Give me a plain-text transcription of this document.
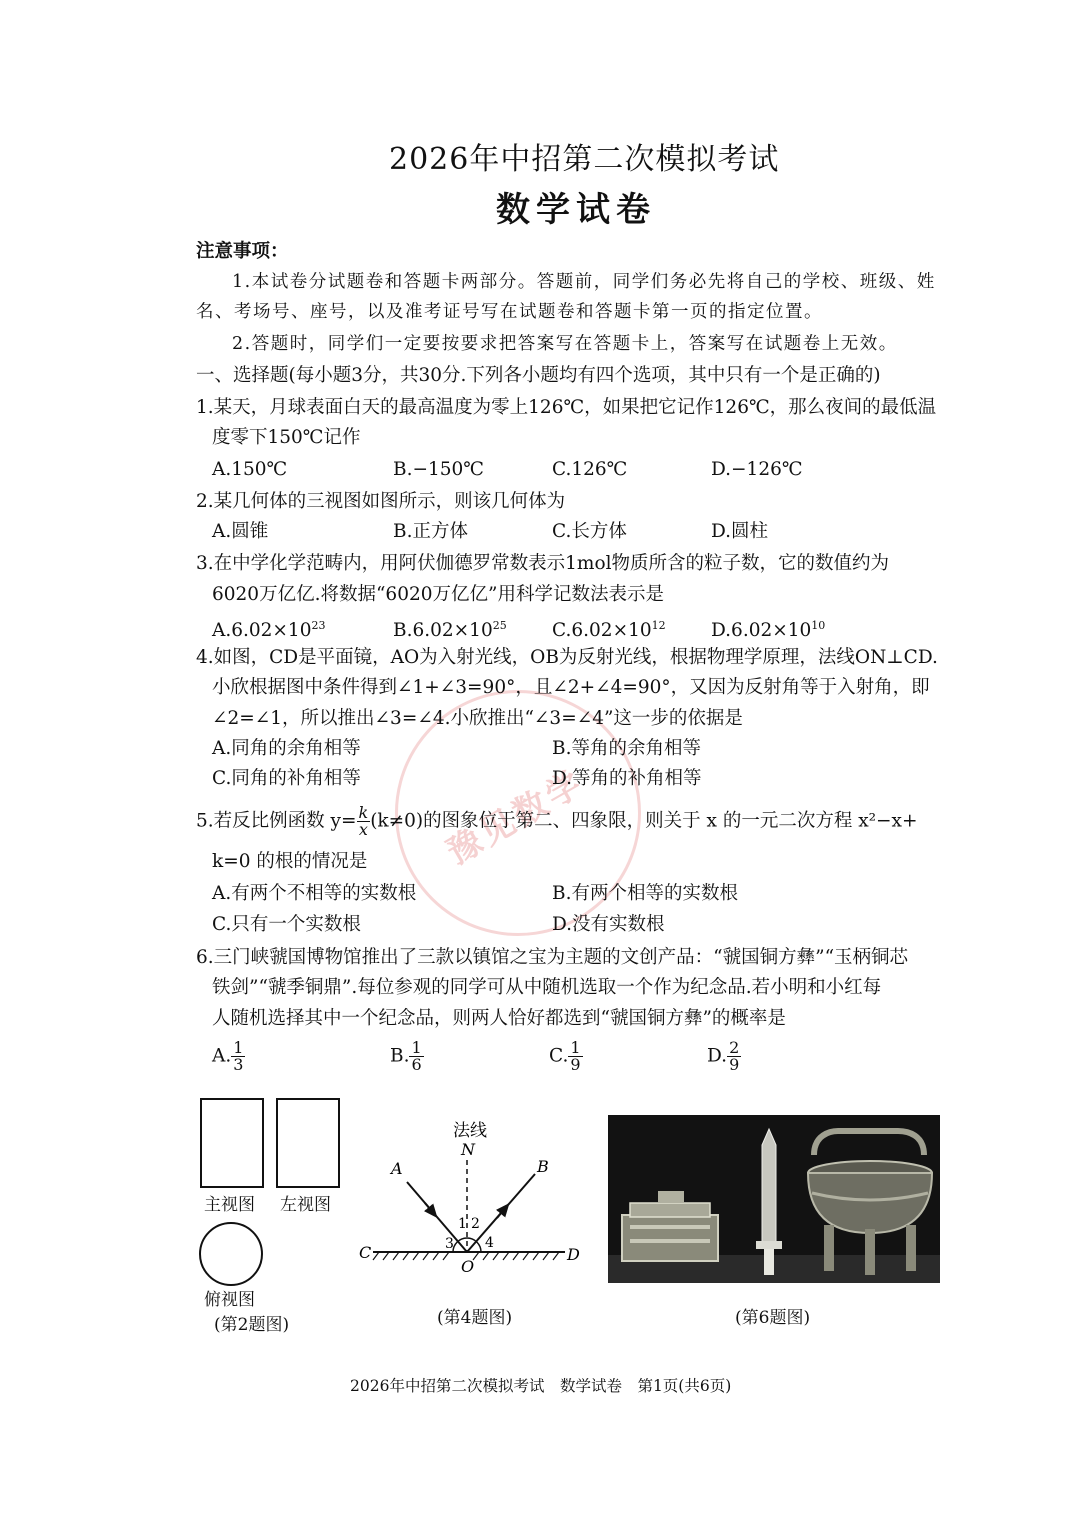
2026年中招第二次模拟考试
数学试卷
注意事项：
1.本试卷分试题卷和答题卡两部分。答题前，同学们务必先将自己的学校、班级、姓
名、考场号、座号，以及准考证号写在试题卷和答题卡第一页的指定位置。
2.答题时，同学们一定要按要求把答案写在答题卡上，答案写在试题卷上无效。
一、选择题(每小题3分，共30分.下列各小题均有四个选项，其中只有一个是正确的)
1.某天，月球表面白天的最高温度为零上126℃，如果把它记作126℃，那么夜间的最低温
度零下150℃记作
A.150℃	B.−150℃	C.126℃	D.−126℃
2.某几何体的三视图如图所示，则该几何体为
A.圆锥	B.正方体	C.长方体	D.圆柱
3.在中学化学范畴内，用阿伏伽德罗常数表示1mol物质所含的粒子数，它的数值约为
6020万亿亿.将数据“6020万亿亿”用科学记数法表示是
$A.6.02\times 10^{23}$	$B.6.02\times 10^{25}$ $C.6.02\times 10^{12}$ $D.6.02\times 10^{10}$
豫见数学
4.如图，CD是平面镜，AO为入射光线，OB为反射光线，根据物理学原理，法线ON⊥CD.
小欣根据图中条件得到∠1+∠3=90°，且∠2+∠4=90°，又因为反射角等于入射角，即
∠2=∠1，所以推出∠3=∠4.小欣推出“∠3=∠4”这一步的依据是
A.同角的余角相等	B.等角的余角相等
C.同角的补角相等	D.等角的补角相等
5.若反比例函数 $y= \frac{k}{x} (k\ne 0)$的图象位于第二、四象限，则关于 x 的一元二次方程 x²−x+
k=0 的根的情况是
A.有两个不相等的实数根	B.有两个相等的实数根
C.只有一个实数根	D.没有实数根
6.三门峡虢国博物馆推出了三款以镇馆之宝为主题的文创产品：“虢国铜方彝”“玉柄铜芯
铁剑”“虢季铜鼎”.每位参观的同学可从中随机选取一个作为纪念品.若小明和小红每
人随机选择其中一个纪念品，则两人恰好都选到“虢国铜方彝”的概率是
A. $\frac{1}{3}$	B. $\frac{1}{6}$	C. $\frac{1}{9}$	D. $\frac{2}{9}$
主视图 左视图
俯视图
(第2题图)
法线
N
A	B
C	D
O
1 2
3 4
(第4题图)	(第6题图)
2026年中招第二次模拟考试　数学试卷　第1页(共6页)
